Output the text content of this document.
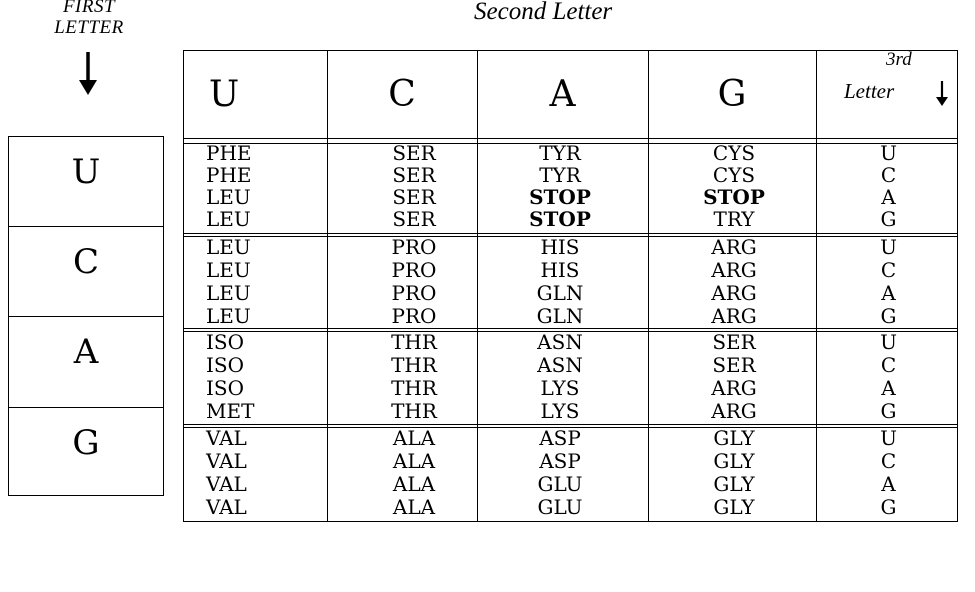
FIRST
LETTER
Second Letter
U
C
A
G
U	C	A	G
3rd
Letter
PHE	SER	TYR	CYS	U
PHE	SER	TYR	CYS	C
LEU	SER	STOP	STOP	A
LEU	SER	STOP	TRY	G
LEU	PRO	HIS	ARG	U
LEU	PRO	HIS	ARG	C
LEU	PRO	GLN	ARG	A
LEU	PRO	GLN	ARG	G
ISO	THR	ASN	SER	U
ISO	THR	ASN	SER	C
ISO	THR	LYS	ARG	A
MET	THR	LYS	ARG	G
VAL	ALA	ASP	GLY	U
VAL	ALA	ASP	GLY	C
VAL	ALA	GLU	GLY	A
VAL	ALA	GLU	GLY	G
